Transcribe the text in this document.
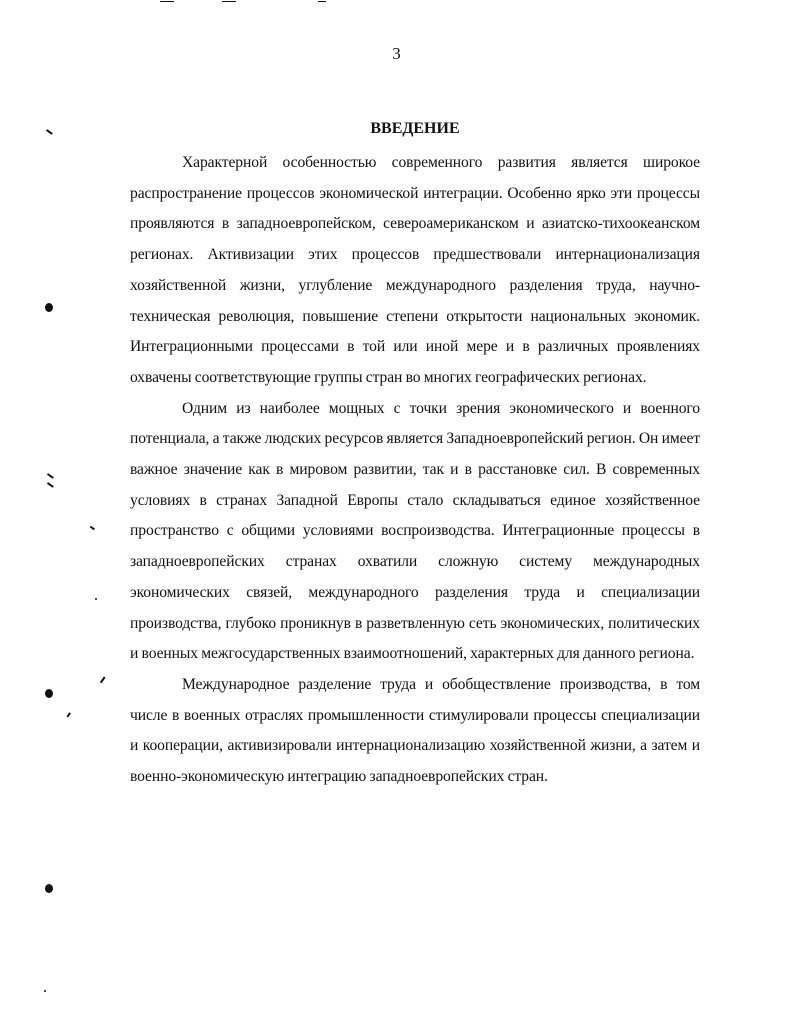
3
ВВЕДЕНИЕ

Характерной особенностью современного развития является широкое распространение процессов экономической интеграции. Особенно ярко эти процессы проявляются в западноевропейском, североамериканском и азиатско-тихоокеанском регионах. Активизации этих процессов предшествовали интернационализация хозяйственной жизни, углубление международного разделения труда, научно-техническая революция, повышение степени открытости национальных экономик. Интеграционными процессами в той или иной мере и в различных проявлениях охвачены соответствующие группы стран во многих географических регионах.

Одним из наиболее мощных с точки зрения экономического и военного потенциала, а также людских ресурсов является Западноевропейский регион. Он имеет важное значение как в мировом развитии, так и в расстановке сил. В современных условиях в странах Западной Европы стало складываться единое хозяйственное пространство с общими условиями воспроизводства. Интеграционные процессы в западноевропейских странах охватили сложную систему международных экономических связей, международного разделения труда и специализации производства, глубоко проникнув в разветвленную сеть экономических, политических и военных межгосударственных взаимоотношений, характерных для данного региона.

Международное разделение труда и обобществление производства, в том числе в военных отраслях промышленности стимулировали процессы специализации и кооперации, активизировали интернационализацию хозяйственной жизни, а затем и военно-экономическую интеграцию западноевропейских стран.
